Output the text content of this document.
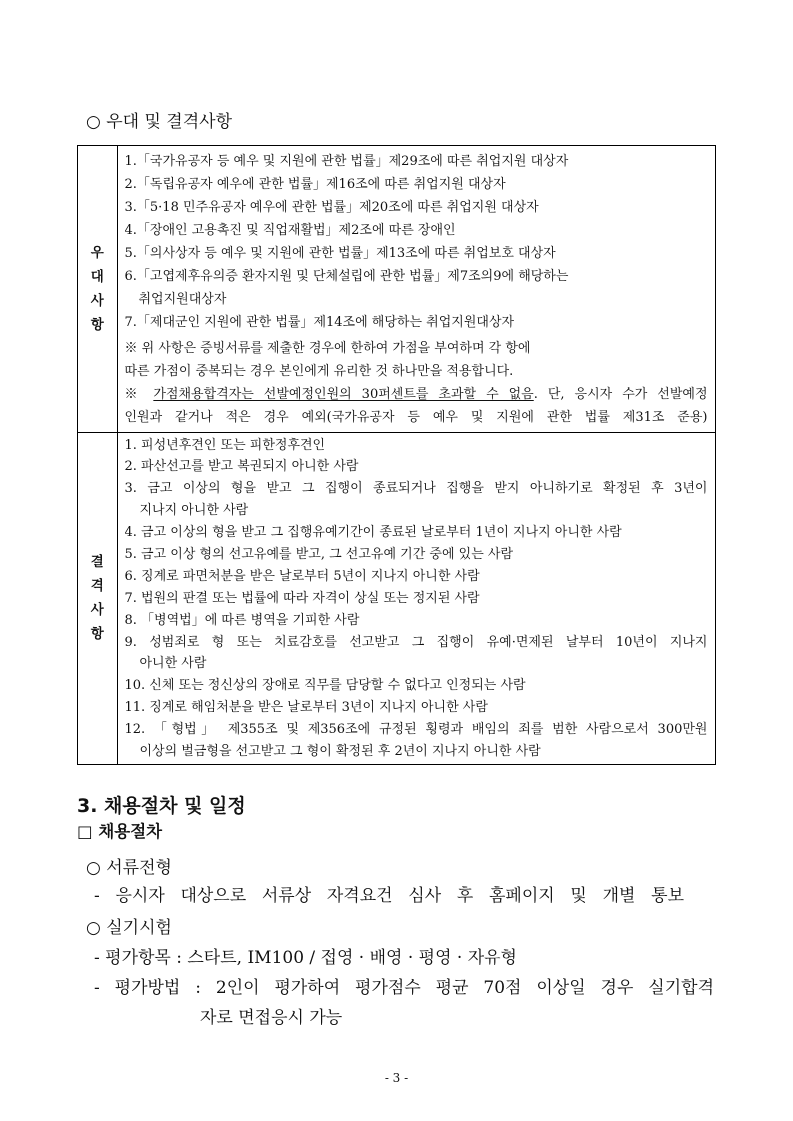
○ 우대 및 결격사항
우
대
사
항
1.「국가유공자 등 예우 및 지원에 관한 법률」제29조에 따른 취업지원 대상자
2.「독립유공자 예우에 관한 법률」제16조에 따른 취업지원 대상자
3.「5·18 민주유공자 예우에 관한 법률」제20조에 따른 취업지원 대상자
4.「장애인 고용촉진 및 직업재활법」제2조에 따른 장애인
5.「의사상자 등 예우 및 지원에 관한 법률」제13조에 따른 취업보호 대상자
6.「고엽제후유의증 환자지원 및 단체설립에 관한 법률」제7조의9에 해당하는
취업지원대상자
7.「제대군인 지원에 관한 법률」제14조에 해당하는 취업지원대상자
※ 위 사항은 증빙서류를 제출한 경우에 한하여 가점을 부여하며 각 항에
따른 가점이 중복되는 경우 본인에게 유리한 것 하나만을 적용합니다.
※ 가점채용합격자는 선발예정인원의 30퍼센트를 초과할 수 없음. 단, 응시자 수가 선발예정
인원과 같거나 적은 경우 예외(국가유공자 등 예우 및 지원에 관한 법률 제31조 준용)
결
격
사
항
1. 피성년후견인 또는 피한정후견인
2. 파산선고를 받고 복권되지 아니한 사람
3. 금고 이상의 형을 받고 그 집행이 종료되거나 집행을 받지 아니하기로 확정된 후 3년이
지나지 아니한 사람
4. 금고 이상의 형을 받고 그 집행유예기간이 종료된 날로부터 1년이 지나지 아니한 사람
5. 금고 이상 형의 선고유예를 받고, 그 선고유예 기간 중에 있는 사람
6. 징계로 파면처분을 받은 날로부터 5년이 지나지 아니한 사람
7. 법원의 판결 또는 법률에 따라 자격이 상실 또는 정지된 사람
8. 「병역법」에 따른 병역을 기피한 사람
9. 성범죄로 형 또는 치료감호를 선고받고 그 집행이 유예·면제된 날부터 10년이 지나지
아니한 사람
10. 신체 또는 정신상의 장애로 직무를 담당할 수 없다고 인정되는 사람
11. 징계로 해임처분을 받은 날로부터 3년이 지나지 아니한 사람
12. 「형법」 제355조 및 제356조에 규정된 횡령과 배임의 죄를 범한 사람으로서 300만원
이상의 벌금형을 선고받고 그 형이 확정된 후 2년이 지나지 아니한 사람
3. 채용절차 및 일정
□ 채용절차
○ 서류전형
- 응시자 대상으로 서류상 자격요건 심사 후 홈페이지 및 개별 통보
○ 실기시험
- 평가항목 : 스타트, IM100 / 접영 · 배영 · 평영 · 자유형
- 평가방법 : 2인이 평가하여 평가점수 평균 70점 이상일 경우 실기합격
자로 면접응시 가능
- 3 -
